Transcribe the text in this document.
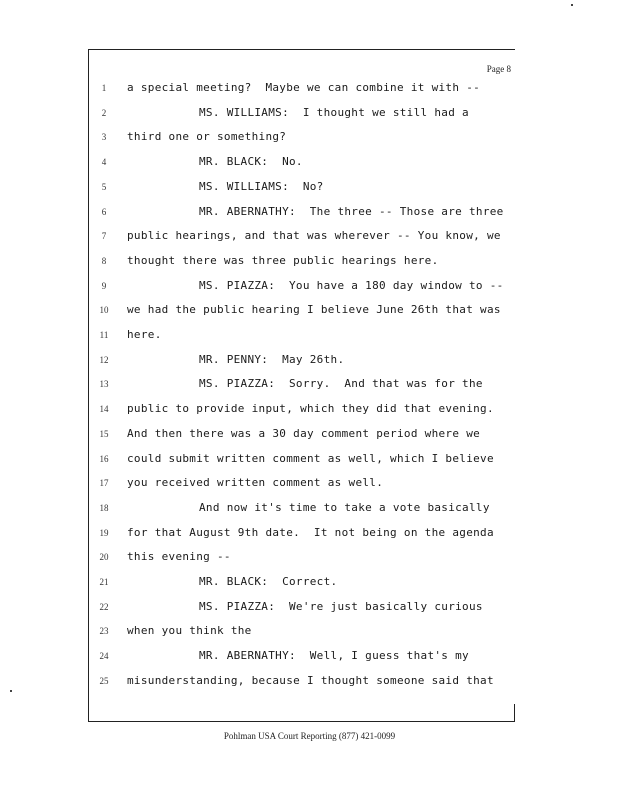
Page 8
1	a special meeting?  Maybe we can combine it with --
2	MS. WILLIAMS:  I thought we still had a
3	third one or something?
4	MR. BLACK:  No.
5	MS. WILLIAMS:  No?
6	MR. ABERNATHY:  The three -- Those are three
7	public hearings, and that was wherever -- You know, we
8	thought there was three public hearings here.
9	MS. PIAZZA:  You have a 180 day window to --
10 we had the public hearing I believe June 26th that was
11 here.
12	MR. PENNY:  May 26th.
13	MS. PIAZZA:  Sorry.  And that was for the
14 public to provide input, which they did that evening.
15 And then there was a 30 day comment period where we
16 could submit written comment as well, which I believe
17 you received written comment as well.
18	And now it's time to take a vote basically
19 for that August 9th date.  It not being on the agenda
20 this evening --
21	MR. BLACK:  Correct.
22	MS. PIAZZA:  We're just basically curious
23 when you think the
24	MR. ABERNATHY:  Well, I guess that's my
25 misunderstanding, because I thought someone said that
Pohlman USA Court Reporting (877) 421-0099
